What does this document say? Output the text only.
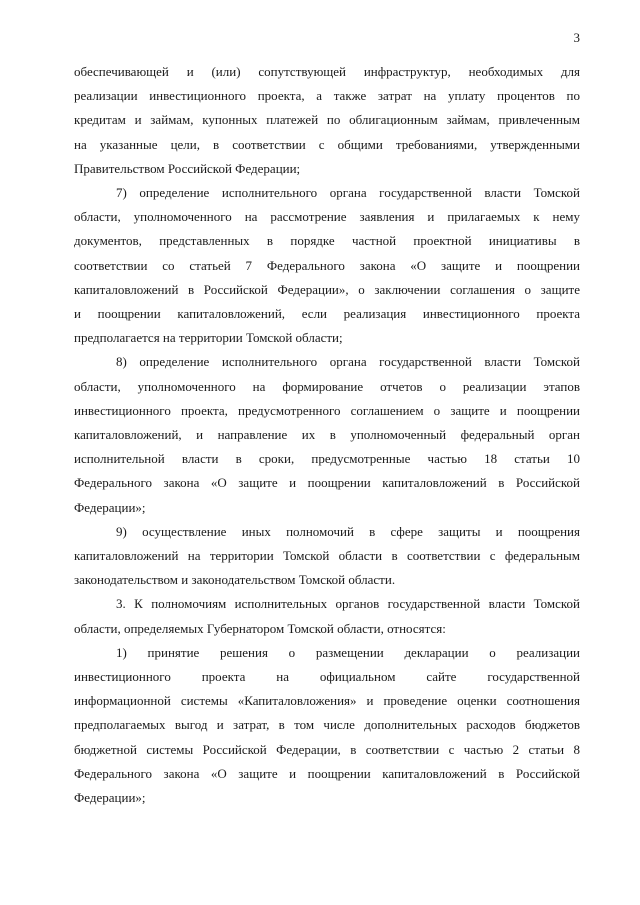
3

обеспечивающей и (или) сопутствующей инфраструктур, необходимых для
реализации инвестиционного проекта, а также затрат на уплату процентов по
кредитам и займам, купонных платежей по облигационным займам, привлеченным
на указанные цели, в соответствии с общими требованиями, утвержденными
Правительством Российской Федерации;

7) определение исполнительного органа государственной власти Томской
области, уполномоченного на рассмотрение заявления и прилагаемых к нему
документов, представленных в порядке частной проектной инициативы в
соответствии со статьей 7 Федерального закона «О защите и поощрении
капиталовложений в Российской Федерации», о заключении соглашения о защите
и поощрении капиталовложений, если реализация инвестиционного проекта
предполагается на территории Томской области;

8) определение исполнительного органа государственной власти Томской
области, уполномоченного на формирование отчетов о реализации этапов
инвестиционного проекта, предусмотренного соглашением о защите и поощрении
капиталовложений, и направление их в уполномоченный федеральный орган
исполнительной власти в сроки, предусмотренные частью 18 статьи 10
Федерального закона «О защите и поощрении капиталовложений в Российской
Федерации»;

9) осуществление иных полномочий в сфере защиты и поощрения
капиталовложений на территории Томской области в соответствии с федеральным
законодательством и законодательством Томской области.

3. К полномочиям исполнительных органов государственной власти Томской
области, определяемых Губернатором Томской области, относятся:

1) принятие решения о размещении декларации о реализации
инвестиционного проекта на официальном сайте государственной
информационной системы «Капиталовложения» и проведение оценки соотношения
предполагаемых выгод и затрат, в том числе дополнительных расходов бюджетов
бюджетной системы Российской Федерации, в соответствии с частью 2 статьи 8
Федерального закона «О защите и поощрении капиталовложений в Российской
Федерации»;
